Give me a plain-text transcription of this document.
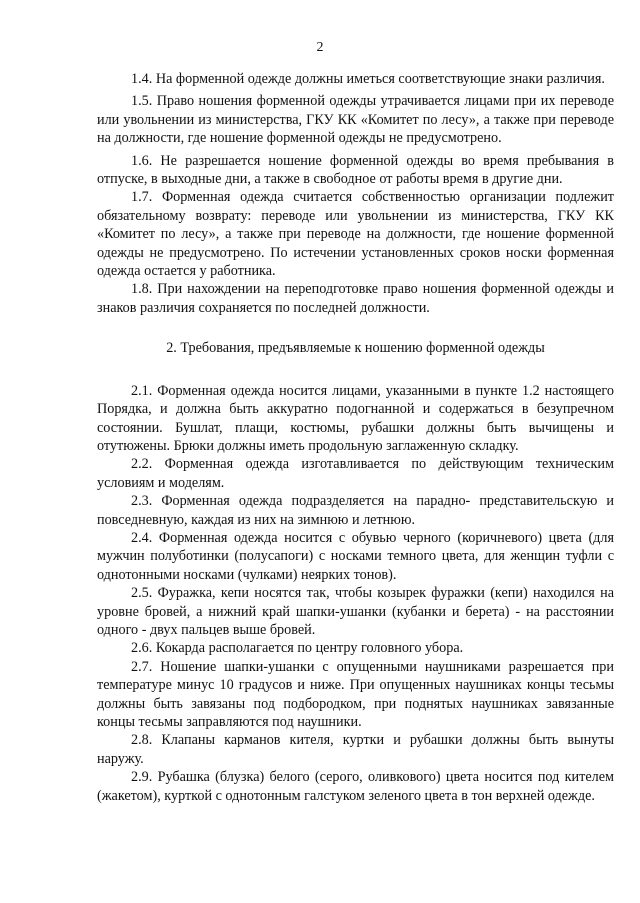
2

1.4. На форменной одежде должны иметься соответствующие знаки различия.

1.5. Право ношения форменной одежды утрачивается лицами при их переводе или увольнении из министерства, ГКУ КК «Комитет по лесу», а также при переводе на должности, где ношение форменной одежды не предусмотрено.

1.6. Не разрешается ношение форменной одежды во время пребывания в отпуске, в выходные дни, а также в свободное от работы время в другие дни.

1.7. Форменная одежда считается собственностью организации подлежит обязательному возврату: переводе или увольнении из министерства, ГКУ КК «Комитет по лесу», а также при переводе на должности, где ношение форменной одежды не предусмотрено. По истечении установленных сроков носки форменная одежда остается у работника.

1.8. При нахождении на переподготовке право ношения форменной одежды и знаков различия сохраняется по последней должности.

2. Требования, предъявляемые к ношению форменной одежды

2.1. Форменная одежда носится лицами, указанными в пункте 1.2 настоящего Порядка, и должна быть аккуратно подогнанной и содержаться в безупречном состоянии. Бушлат, плащи, костюмы, рубашки должны быть вычищены и отутюжены. Брюки должны иметь продольную заглаженную складку.

2.2. Форменная одежда изготавливается по действующим техническим условиям и моделям.

2.3. Форменная одежда подразделяется на парадно- представительскую и повседневную, каждая из них на зимнюю и летнюю.

2.4. Форменная одежда носится с обувью черного (коричневого) цвета (для мужчин полуботинки (полусапоги) с носками темного цвета, для женщин туфли с однотонными носками (чулками) неярких тонов).

2.5. Фуражка, кепи носятся так, чтобы козырек фуражки (кепи) находился на уровне бровей, а нижний край шапки-ушанки (кубанки и берета) - на расстоянии одного - двух пальцев выше бровей.

2.6. Кокарда располагается по центру головного убора.

2.7. Ношение шапки-ушанки с опущенными наушниками разрешается при температуре минус 10 градусов и ниже. При опущенных наушниках концы тесьмы должны быть завязаны под подбородком, при поднятых наушниках завязанные концы тесьмы заправляются под наушники.

2.8. Клапаны карманов кителя, куртки и рубашки должны быть вынуты наружу.

2.9. Рубашка (блузка) белого (серого, оливкового) цвета носится под кителем (жакетом), курткой с однотонным галстуком зеленого цвета в тон верхней одежде.
